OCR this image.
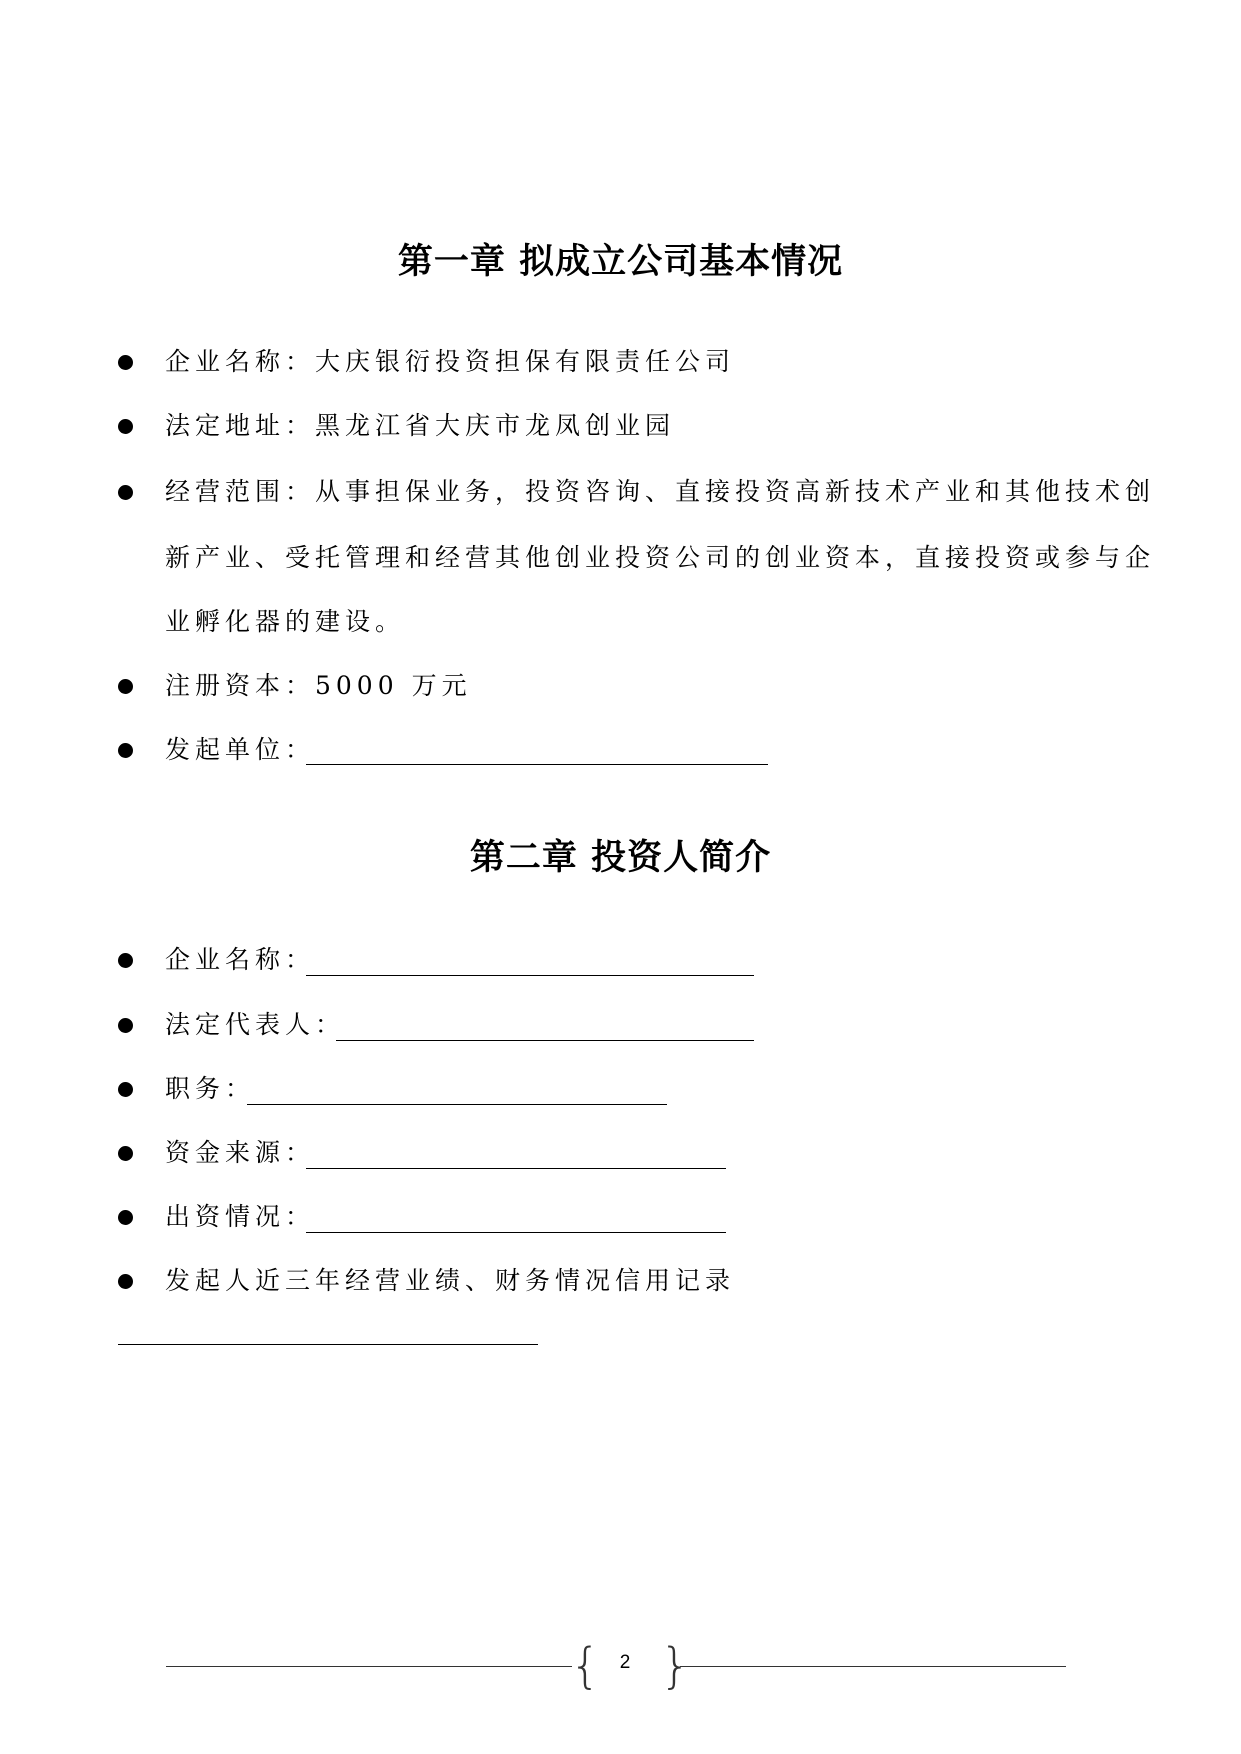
第一章 拟成立公司基本情况
企业名称：大庆银衍投资担保有限责任公司
法定地址：黑龙江省大庆市龙凤创业园
经营范围：从事担保业务，投资咨询、直接投资高新技术产业和其他技术创
新产业、受托管理和经营其他创业投资公司的创业资本，直接投资或参与企
业孵化器的建设。
注册资本：5000 万元
发起单位：
第二章 投资人简介
企业名称：
法定代表人：
职务：
资金来源：
出资情况：
发起人近三年经营业绩、财务情况信用记录
{	2 }
